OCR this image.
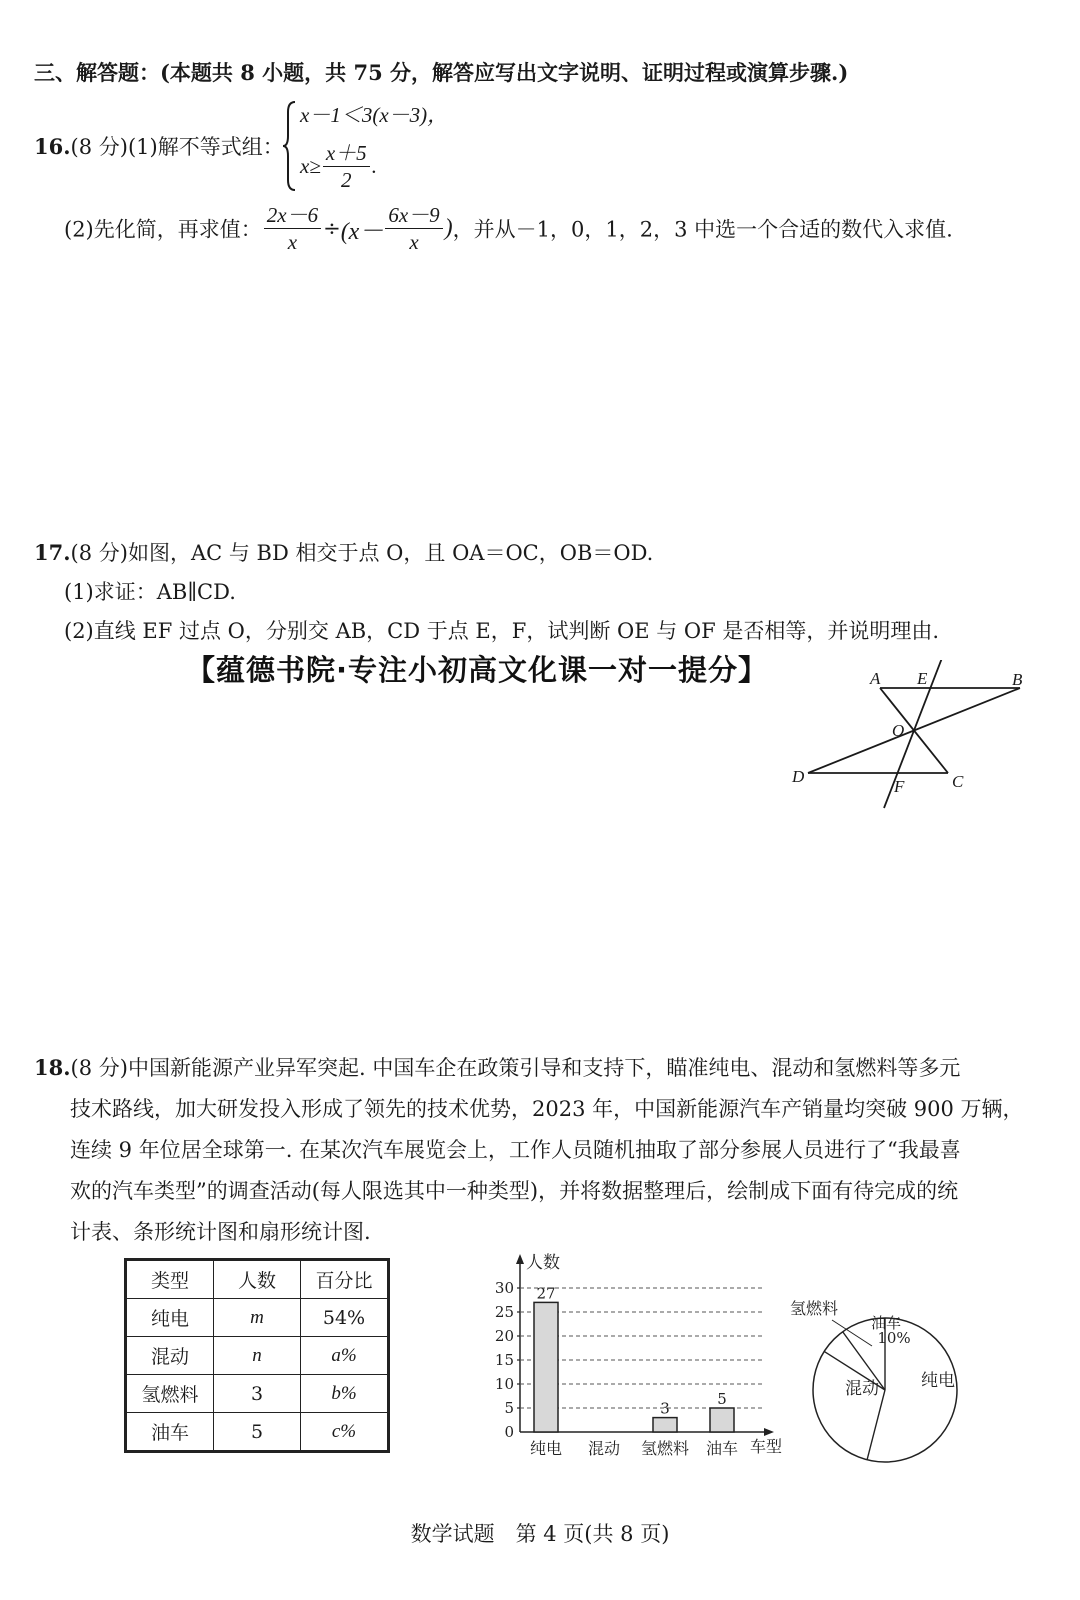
三、解答题：(本题共 8 小题，共 75 分，解答应写出文字说明、证明过程或演算步骤.)
16.(8 分)(1)解不等式组：
x－1＜3(x－3)，
$x\ge \frac{x+5}{2}$ .
(2)先化简，再求值： $\frac{2x-6}{x} \div(x- \frac{6x-9}{x}$ )，并从－1，0，1，2，3 中选一个合适的数代入求值.
17.(8 分)如图，AC 与 BD 相交于点 O，且 OA＝OC，OB＝OD.
(1)求证：AB∥CD.
(2)直线 EF 过点 O，分别交 AB，CD 于点 E，F，试判断 OE 与 OF 是否相等，并说明理由.
【蕴德书院·专注小初高文化课一对一提分】	A E	B
O
D
F	C
18.(8 分)中国新能源产业异军突起. 中国车企在政策引导和支持下，瞄准纯电、混动和氢燃料等多元
技术路线，加大研发投入形成了领先的技术优势，2023 年，中国新能源汽车产销量均突破 900 万辆，
连续 9 年位居全球第一. 在某次汽车展览会上，工作人员随机抽取了部分参展人员进行了“我最喜
欢的汽车类型”的调查活动(每人限选其中一种类型)，并将数据整理后，绘制成下面有待完成的统
计表、条形统计图和扇形统计图.
类型	人数	百分比
纯电	m	54%
混动	n	a%
氢燃料	3	b%
油车	5	c%
人数
车型
0
5
10
15
20
25
30 27
纯电 混动
3
氢燃料
5
油车
纯电
混动
氢燃料
油车
10%
数学试题　第 4 页(共 8 页)
